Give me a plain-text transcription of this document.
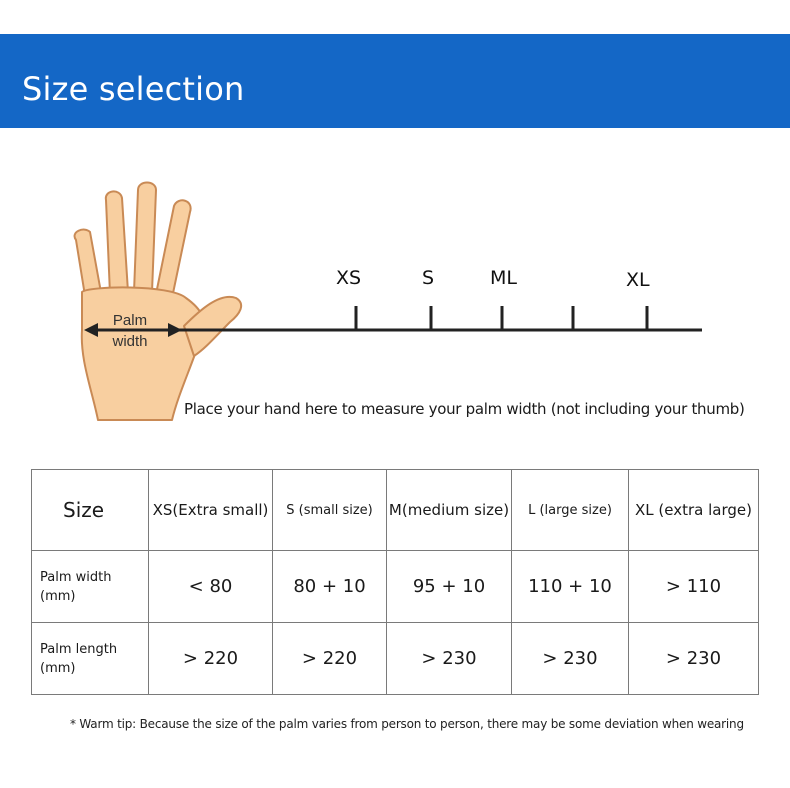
Size selection
Palm
width
XS	S	ML	XL
Place your hand here to measure your palm width (not including your thumb)
Size	XS(Extra small)	S (small size)	M(medium size)	L (large size)	XL (extra large)

Palm width
(mm)	< 80	80 + 10	95 + 10	110 + 10	> 110

Palm length
(mm)	> 220	> 220	> 230	> 230	> 230
* Warm tip: Because the size of the palm varies from person to person, there may be some deviation when wearing
